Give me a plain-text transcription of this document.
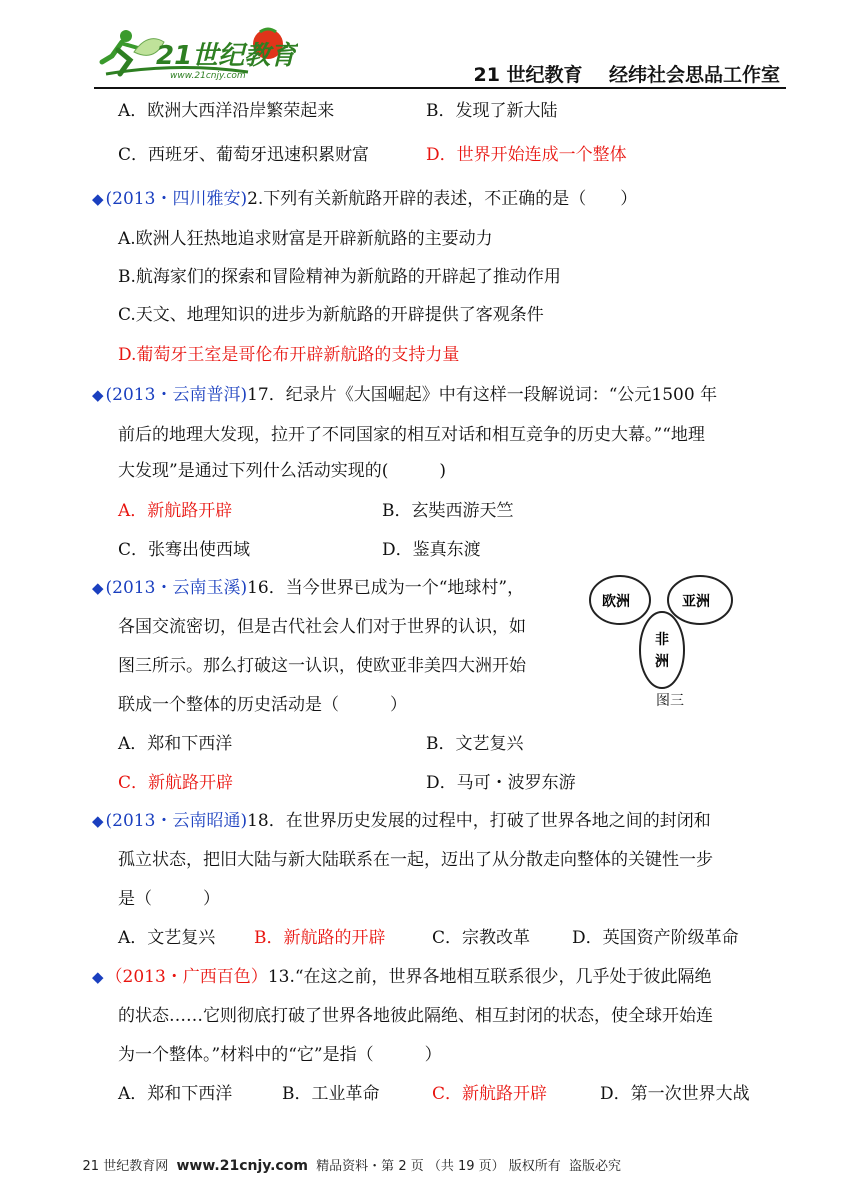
21世纪教育
www.21cnjy.com	21 世纪教育    经纬社会思品工作室
A．欧洲大西洋沿岸繁荣起来	B．发现了新大陆
C．西班牙、葡萄牙迅速积累财富	D．世界开始连成一个整体
◆ (2013・四川雅安)2.下列有关新航路开辟的表述，不正确的是（　　）
A.欧洲人狂热地追求财富是开辟新航路的主要动力
B.航海家们的探索和冒险精神为新航路的开辟起了推动作用
C.天文、地理知识的进步为新航路的开辟提供了客观条件
D.葡萄牙王室是哥伦布开辟新航路的支持力量
◆ (2013・云南普洱)17．纪录片《大国崛起》中有这样一段解说词：“公元1500 年
前后的地理大发现，拉开了不同国家的相互对话和相互竞争的历史大幕。”“地理
大发现”是通过下列什么活动实现的(　　　)
A．新航路开辟	B．玄奘西游天竺
C．张骞出使西域	D．鉴真东渡
◆ (2013・云南玉溪)16．当今世界已成为一个“地球村”，
各国交流密切，但是古代社会人们对于世界的认识，如
图三所示。那么打破这一认识，使欧亚非美四大洲开始
联成一个整体的历史活动是（　　　）
A．郑和下西洋	B．文艺复兴
C．新航路开辟	D．马可・波罗东游
欧洲	亚洲
非
洲
图三
◆ (2013・云南昭通)18．在世界历史发展的过程中，打破了世界各地之间的封闭和
孤立状态，把旧大陆与新大陆联系在一起，迈出了从分散走向整体的关键性一步
是（　　　）
A．文艺复兴 B．新航路的开辟	C．宗教改革 D．英国资产阶级革命
◆ （2013・广西百色）13.“在这之前，世界各地相互联系很少，几乎处于彼此隔绝
的状态……它则彻底打破了世界各地彼此隔绝、相互封闭的状态，使全球开始连
为一个整体。”材料中的“它”是指（　　　）
A．郑和下西洋	B．工业革命	C．新航路开辟	D．第一次世界大战

21 世纪教育网 www.21cnjy.com  精品资料・第 2 页 （共 19 页） 版权所有  盗版必究
